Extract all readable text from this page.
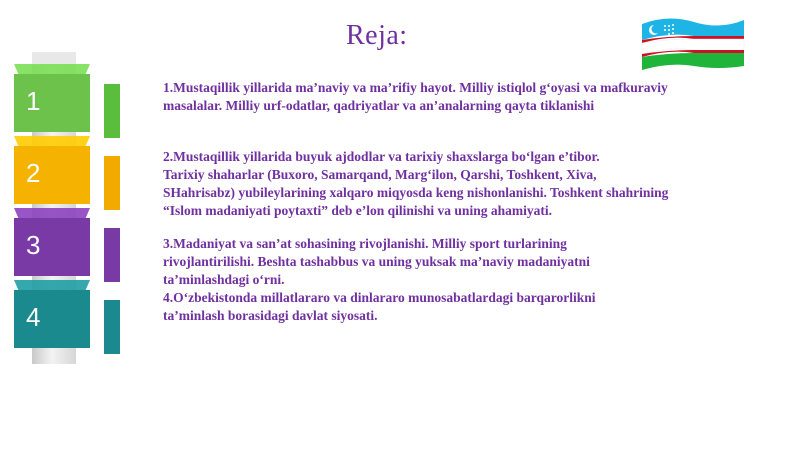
Reja:
1
2
3
4
1.Mustaqillik yillarida ma’naviy va ma’rifiy hayot. Milliy istiqlol g‘oyasi va mafkuraviy
masalalar. Milliy urf-odatlar, qadriyatlar va an’analarning qayta tiklanishi
2.Mustaqillik yillarida buyuk ajdodlar va tarixiy shaxslarga bo‘lgan e’tibor.
Tarixiy shaharlar (Buxoro, Samarqand, Marg‘ilon, Qarshi, Toshkent, Xiva,
SHahrisabz) yubileylarining xalqaro miqyosda keng nishonlanishi. Toshkent shahrining
“Islom madaniyati poytaxti” deb e’lon qilinishi va uning ahamiyati.
3.Madaniyat va san’at sohasining rivojlanishi. Milliy sport turlarining
rivojlantirilishi. Beshta tashabbus va uning yuksak ma’naviy madaniyatni
ta’minlashdagi o‘rni.
4.O‘zbekistonda millatlararo va dinlararo munosabatlardagi barqarorlikni
ta’minlash borasidagi davlat siyosati.
